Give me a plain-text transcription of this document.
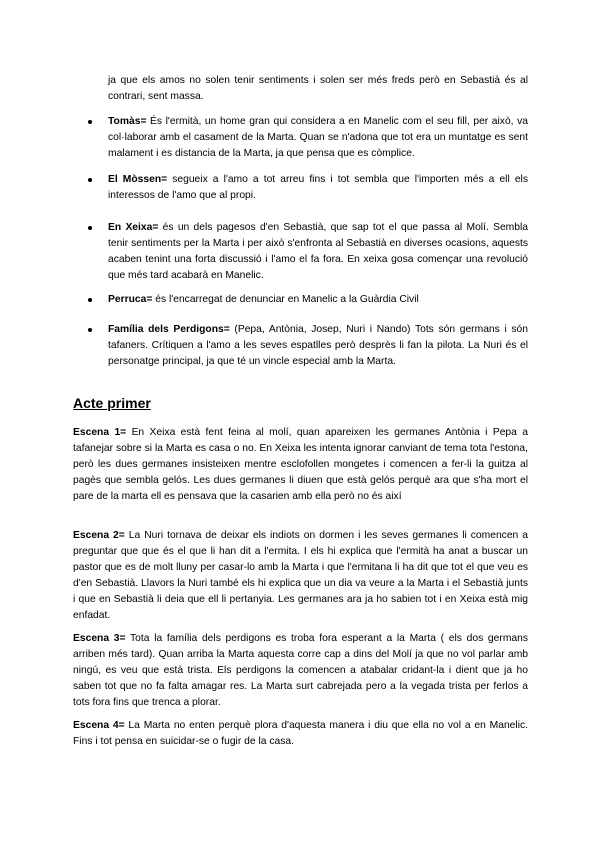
ja que els amos no solen tenir sentiments i solen ser més freds però en Sebastià és al contrari, sent massa.
Tomàs= És l'ermità, un home gran qui considera a en Manelic com el seu fill, per això, va col·laborar amb el casament de la Marta. Quan se n'adona que tot era un muntatge es sent malament i es distancia de la Marta, ja que pensa que es còmplice.
El Mòssen= segueix a l'amo a tot arreu fins i tot sembla que l'importen més a ell els interessos de l'amo que al propi.
En Xeixa= és un dels pagesos d'en Sebastià, que sap tot el que passa al Molí. Sembla tenir sentiments per la Marta i per això s'enfronta al Sebastià en diverses ocasions, aquests acaben tenint una forta discussió i l'amo el fa fora. En xeixa gosa començar una revolució que més tard acabarà en Manelic.
Perruca= és l'encarregat de denunciar en Manelic a la Guàrdia Civil
Família dels Perdigons= (Pepa, Antònia, Josep, Nuri i Nando) Tots són germans i són tafaners. Crítiquen a l'amo a les seves espatlles però desprès li fan la pilota. La Nuri és el personatge principal, ja que té un vincle especial amb la Marta.
Acte primer
Escena 1= En Xeixa està fent feina al molí, quan apareixen les germanes Antònia i Pepa a tafanejar sobre si la Marta es casa o no. En Xeixa les intenta ignorar canviant de tema tota l'estona, però les dues germanes insisteixen mentre esclofollen mongetes i comencen a fer-li la guitza al pagès que sembla gelós. Les dues germanes li diuen que està gelós perquè ara que s'ha mort el pare de la marta ell es pensava que la casarien amb ella però no és així
Escena 2= La Nuri tornava de deixar els indiots on dormen i les seves germanes li comencen a preguntar que que és el que li han dit a l'ermita. I els hi explica que l'ermità ha anat a buscar un pastor que es de molt lluny per casar-lo amb la Marta i que l'ermitana li ha dit que tot el que veu es d'en Sebastià. Llavors la Nuri també els hi explica que un dia va veure a la Marta i el Sebastià junts i que en Sebastià li deia que ell li pertanyia. Les germanes ara ja ho sabien tot i en Xeixa està mig enfadat.
Escena 3= Tota la família dels perdigons es troba fora esperant a la Marta ( els dos germans arriben més tard). Quan arriba la Marta aquesta corre cap a dins del Molí ja que no vol parlar amb ningú, es veu que està trista. Els perdigons la comencen a atabalar cridant-la i dient que ja ho saben tot que no fa falta amagar res. La Marta surt cabrejada pero a la vegada trista per ferlos a tots fora fins que trenca a plorar.
Escena 4= La Marta no enten perquè plora d'aquesta manera i diu que ella no vol a en Manelic. Fins i tot pensa en suicidar-se o fugir de la casa.
